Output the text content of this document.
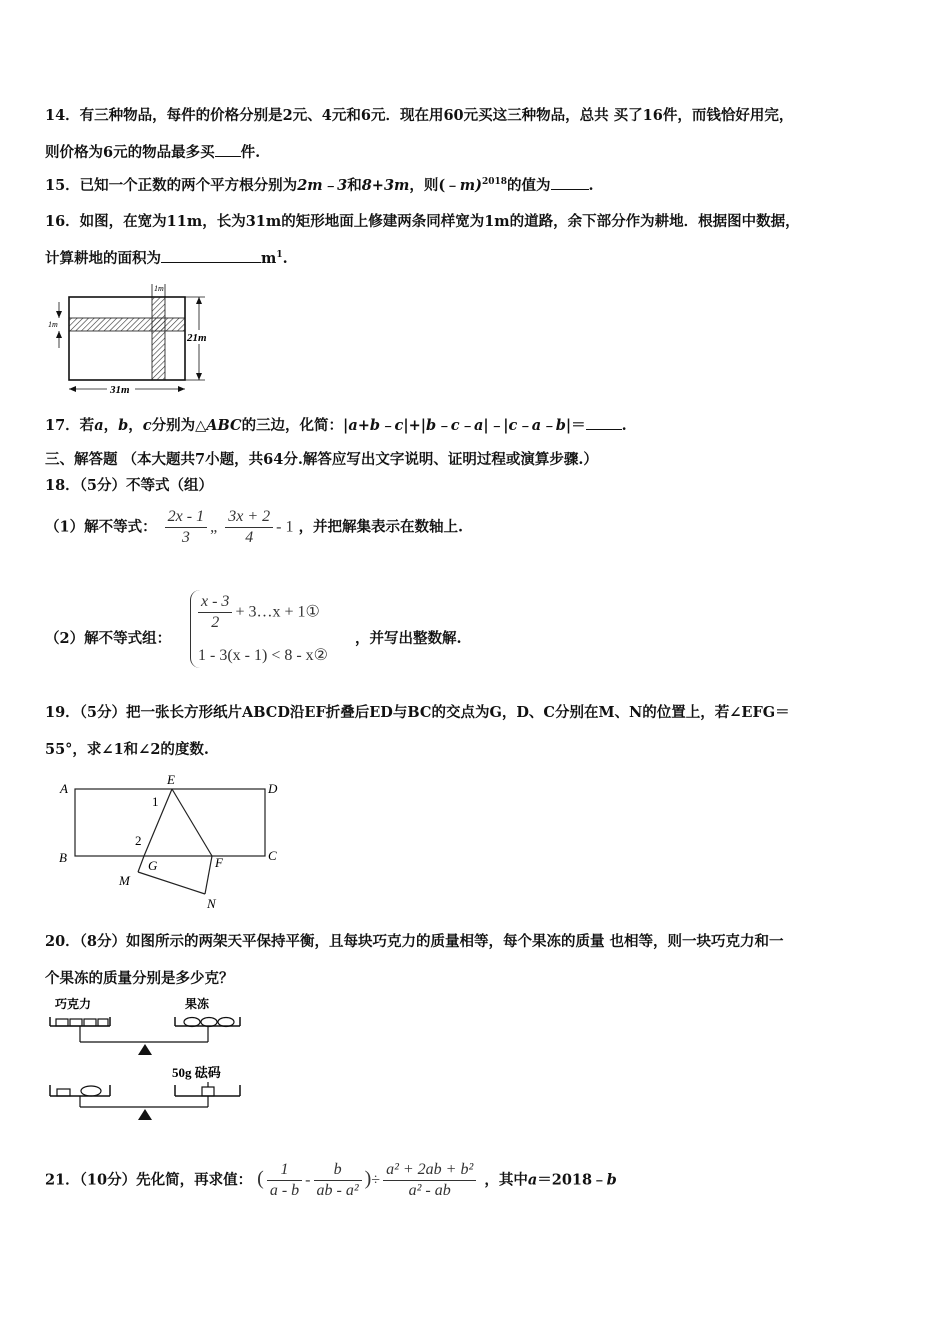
14．有三种物品，每件的价格分别是2元、4元和6元．现在用60元买这三种物品，总共 买了16件，而钱恰好用完，
则价格为6元的物品最多买 件.
15．已知一个正数的两个平方根分别为2m﹣3和8+3m，则(﹣m)$^{2018}$的值为	.
16．如图，在宽为11m，长为31m的矩形地面上修建两条同样宽为1m的道路，余下部分作为耕地．根据图中数据，
计算耕地的面积为	$m^1$.
1m
1m
21m
31m
17．若a，b，c分别为△ABC的三边，化简：|a+b﹣c|+|b﹣c﹣a|﹣|c﹣a﹣b|＝ .
三、解答题 （本大题共7小题，共64分.解答应写出文字说明、证明过程或演算步骤.）
18．（5分）不等式（组）
（1）解不等式： $\frac{2x - 1}{3}$ „ $\frac{3x + 2}{4} - 1$ ，并把解集表示在数轴上.
（2）解不等式组：
$\frac{x - 3}{2}$ + 3…x + 1①
1 - 3(x - 1) < 8 - x②
，并写出整数解.
19．（5分）把一张长方形纸片ABCD沿EF折叠后ED与BC的交点为G，D、C分别在M、N的位置上，若∠EFG＝
55°，求∠1和∠2的度数.
A	D
B	C
E
G	F
M
N
1
2
20．（8分）如图所示的两架天平保持平衡，且每块巧克力的质量相等，每个果冻的质量 也相等，则一块巧克力和一
个果冻的质量分别是多少克？
巧克力	果冻
50g 砝码
21．（10分）先化简，再求值： ( $\frac{1}{a - b} - \frac{b}{\text{ab - a²}}$ )÷ $\frac{\text{a² + 2ab + b²}}{\text{a² - ab}}$ ，其中a＝2018﹣b
